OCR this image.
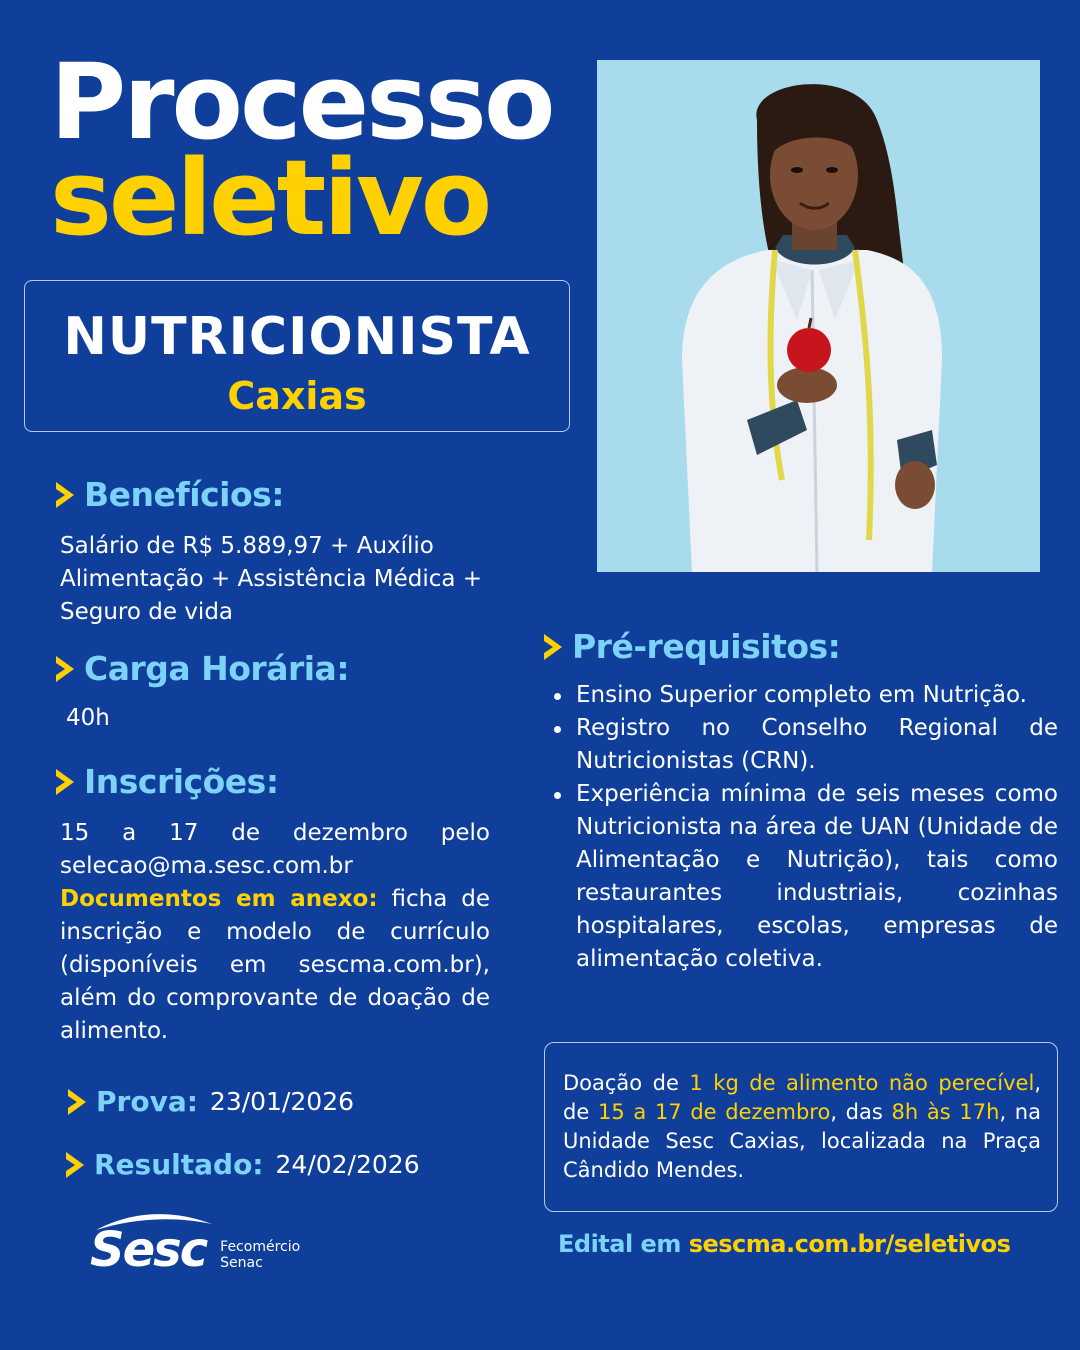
Processo
seletivo
NUTRICIONISTA
Caxias
Benefícios:
Salário de R$ 5.889,97 + Auxílio Alimentação + Assistência Médica + Seguro de vida
Carga Horária:
40h
Inscrições:
15 a 17 de dezembro pelo selecao@ma.sesc.com.br
Documentos em anexo: ficha de inscrição e modelo de currículo (disponíveis em sescma.com.br), além do comprovante de doação de alimento.
Prova: 23/01/2026
Resultado: 24/02/2026
Pré-requisitos:
Ensino Superior completo em Nutrição.
Registro no Conselho Regional de Nutricionistas (CRN).
Experiência mínima de seis meses como Nutricionista na área de UAN (Unidade de Alimentação e Nutrição), tais como restaurantes industriais, cozinhas hospitalares, escolas, empresas de alimentação coletiva.
Doação de 1 kg de alimento não perecível, de 15 a 17 de dezembro, das 8h às 17h, na Unidade Sesc Caxias, localizada na Praça Cândido Mendes.
Edital em sescma.com.br/seletivos
Sesc Fecomércio
Senac
